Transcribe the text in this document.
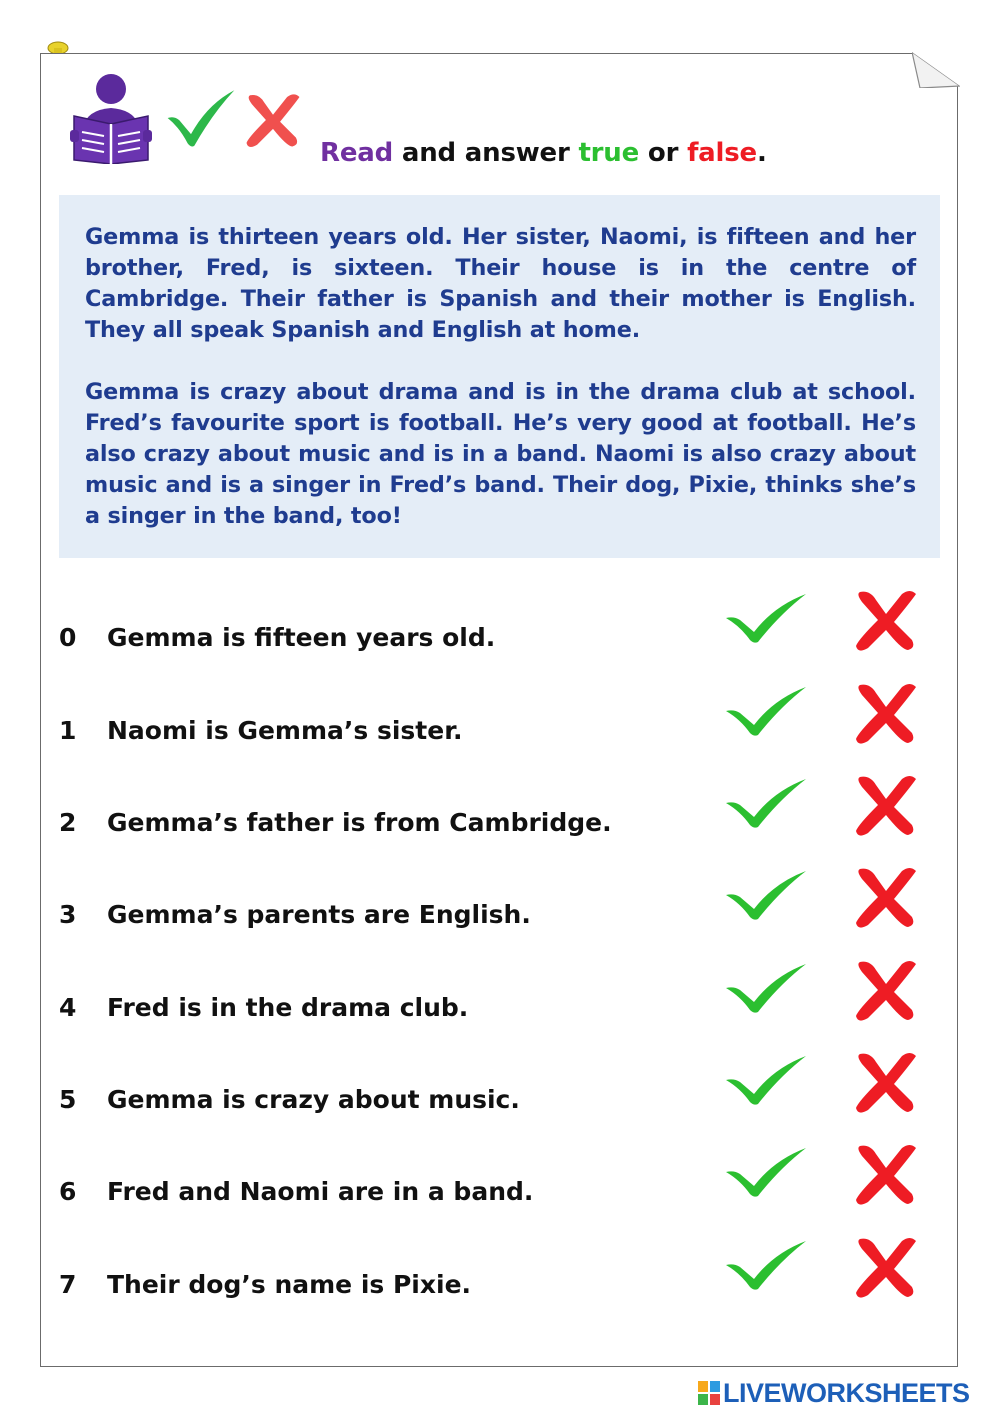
Read and answer true or false.

Gemma is thirteen years old. Her sister, Naomi, is fifteen and her brother, Fred, is sixteen. Their house is in the centre of Cambridge. Their father is Spanish and their mother is English. They all speak Spanish and English at home.

Gemma is crazy about drama and is in the drama club at school. Fred’s favourite sport is football. He’s very good at football. He’s also crazy about music and is in a band. Naomi is also crazy about music and is a singer in Fred’s band. Their dog, Pixie, thinks she’s a singer in the band, too!

0 Gemma is fifteen years old.
1 Naomi is Gemma’s sister.
2 Gemma’s father is from Cambridge.
3 Gemma’s parents are English.
4 Fred is in the drama club.
5 Gemma is crazy about music.
6 Fred and Naomi are in a band.
7 Their dog’s name is Pixie.
LIVEWORKSHEETS
